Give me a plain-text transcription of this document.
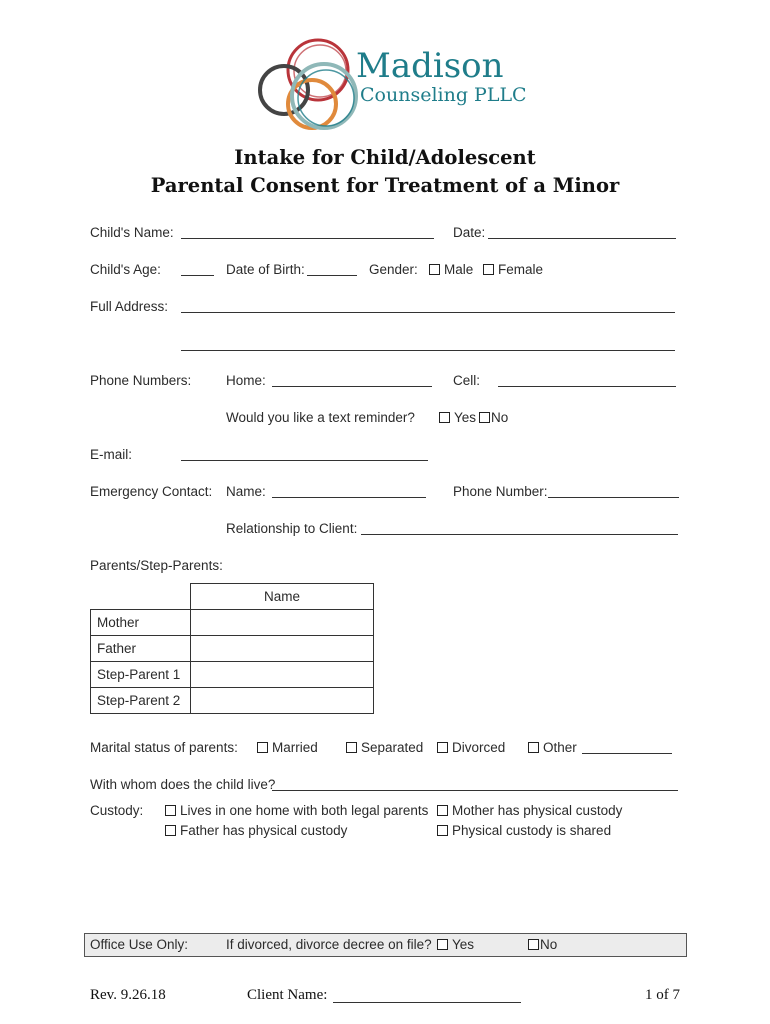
Madison
Counseling PLLC
Intake for Child/Adolescent
Parental Consent for Treatment of a Minor
Child's Name:	Date:
Child's Age:	Date of Birth:	Gender:	Male	Female
Full Address:
Phone Numbers:	Home:	Cell:
Would you like a text reminder?	Yes	No
E-mail:
Emergency Contact: Name:	Phone Number:
Relationship to Client:
Parents/Step-Parents:
	Name
Mother	
Father	
Step-Parent 1	
Step-Parent 2	
Marital status of parents:	Married	Separated	Divorced	Other
With whom does the child live?
Custody:	Lives in one home with both legal parents	Mother has physical custody
Father has physical custody	Physical custody is shared
Office Use Only:	If divorced, divorce decree on file?	Yes	No
Rev. 9.26.18	Client Name:	1 of 7
